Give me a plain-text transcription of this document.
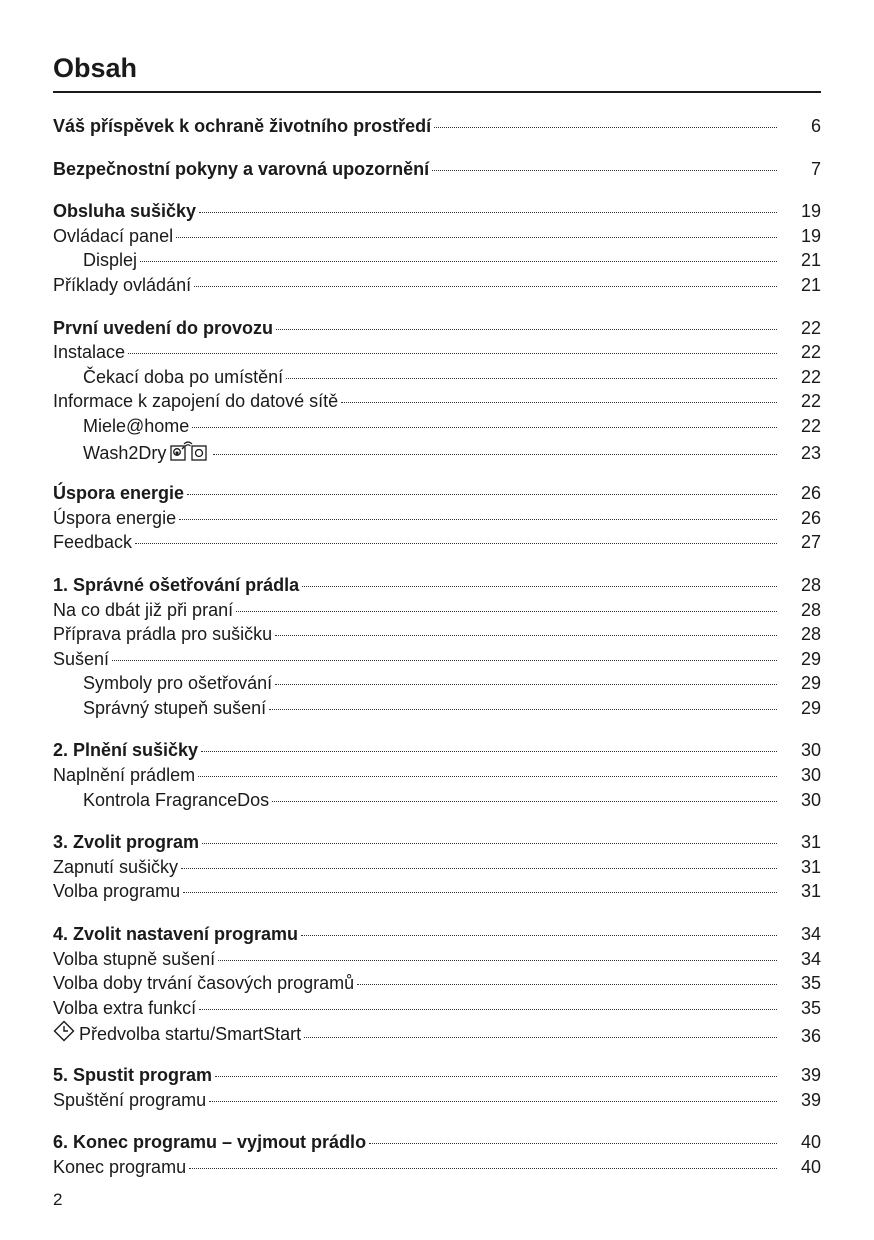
Obsah
Váš příspěvek k ochraně životního prostředí	6
Bezpečnostní pokyny a varovná upozornění	7
Obsluha sušičky	19
Ovládací panel	19
Displej	21
Příklady ovládání	21
První uvedení do provozu	22
Instalace	22
Čekací doba po umístění	22
Informace k zapojení do datové sítě	22
Miele@home	22
Wash2Dry	23
Úspora energie	26
Úspora energie	26
Feedback	27
1. Správné ošetřování prádla	28
Na co dbát již při praní	28
Příprava prádla pro sušičku	28
Sušení	29
Symboly pro ošetřování	29
Správný stupeň sušení	29
2. Plnění sušičky	30
Naplnění prádlem	30
Kontrola FragranceDos	30
3. Zvolit program	31
Zapnutí sušičky	31
Volba programu	31
4. Zvolit nastavení programu	34
Volba stupně sušení	34
Volba doby trvání časových programů	35
Volba extra funkcí	35
Předvolba startu/SmartStart	36
5. Spustit program	39
Spuštění programu	39
6. Konec programu – vyjmout prádlo	40
Konec programu	40
2
